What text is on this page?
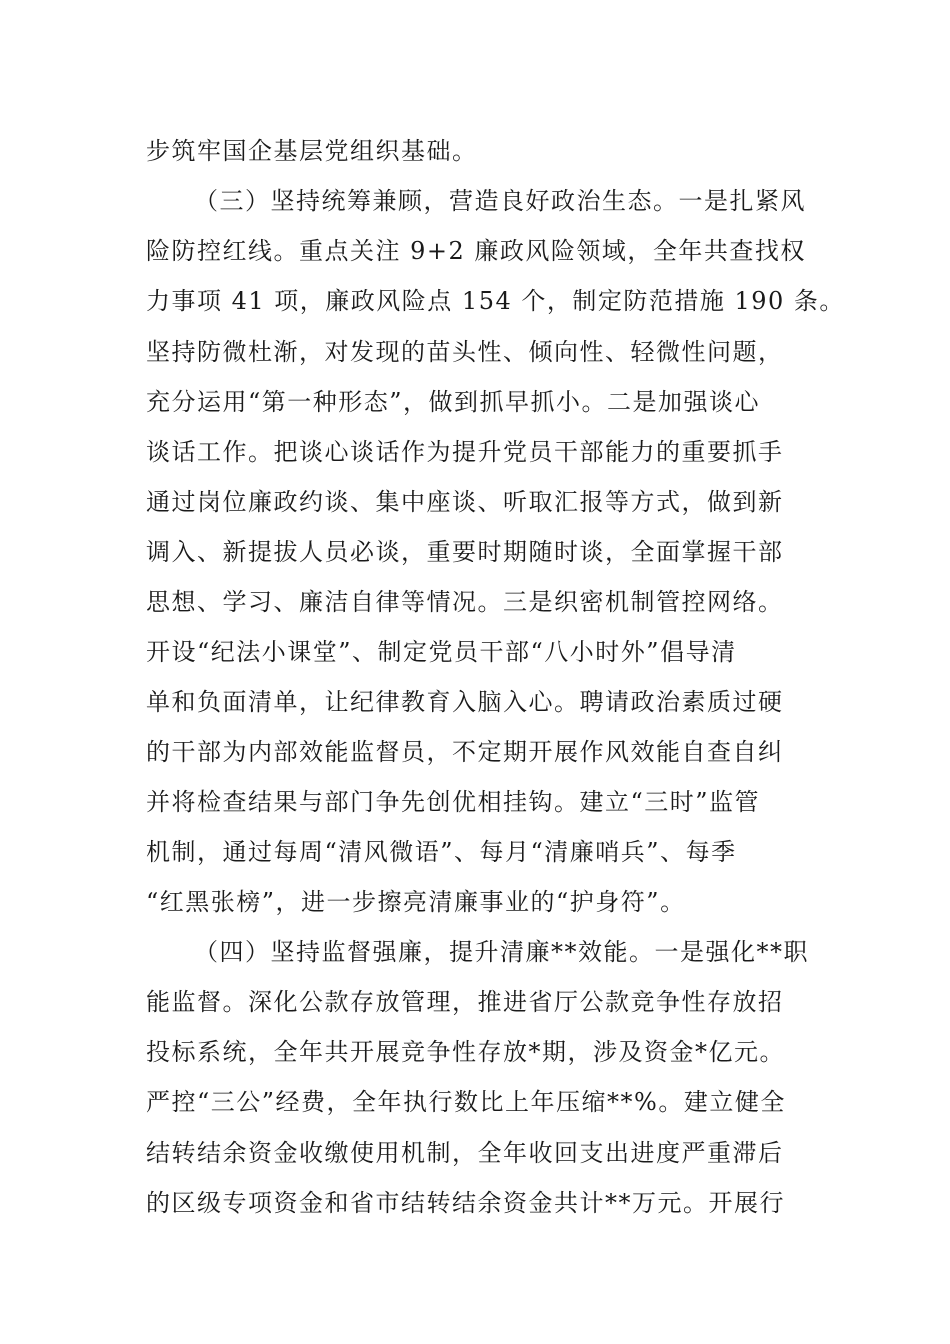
步筑牢国企基层党组织基础。
（三）坚持统筹兼顾，营造良好政治生态。一是扎紧风
险防控红线。重点关注 9+2 廉政风险领域，全年共查找权
力事项 41 项，廉政风险点 154 个，制定防范措施 190 条。
坚持防微杜渐，对发现的苗头性、倾向性、轻微性问题，
充分运用“第一种形态”，做到抓早抓小。二是加强谈心
谈话工作。把谈心谈话作为提升党员干部能力的重要抓手
通过岗位廉政约谈、集中座谈、听取汇报等方式，做到新
调入、新提拔人员必谈，重要时期随时谈，全面掌握干部
思想、学习、廉洁自律等情况。三是织密机制管控网络。
开设“纪法小课堂”、制定党员干部“八小时外”倡导清
单和负面清单，让纪律教育入脑入心。聘请政治素质过硬
的干部为内部效能监督员，不定期开展作风效能自查自纠
并将检查结果与部门争先创优相挂钩。建立“三时”监管
机制，通过每周“清风微语”、每月“清廉哨兵”、每季
“红黑张榜”，进一步擦亮清廉事业的“护身符”。
（四）坚持监督强廉，提升清廉**效能。一是强化**职
能监督。深化公款存放管理，推进省厅公款竞争性存放招
投标系统，全年共开展竞争性存放*期，涉及资金*亿元。
严控“三公”经费，全年执行数比上年压缩**%。建立健全
结转结余资金收缴使用机制，全年收回支出进度严重滞后
的区级专项资金和省市结转结余资金共计**万元。开展行
